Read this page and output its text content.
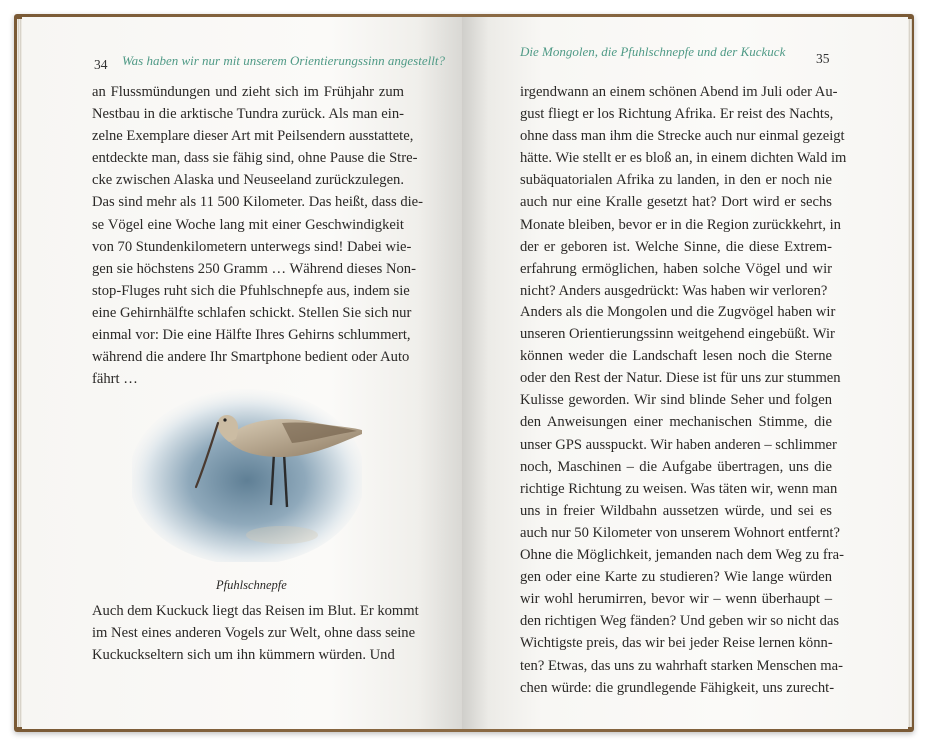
34 Was haben wir nur mit unserem Orientierungssinn angestellt?
an Flussmündungen und zieht sich im Frühjahr zum
Nestbau in die arktische Tundra zurück. Als man ein-
zelne Exemplare dieser Art mit Peilsendern ausstattete,
entdeckte man, dass sie fähig sind, ohne Pause die Stre-
cke zwischen Alaska und Neuseeland zurückzulegen.
Das sind mehr als 11 500 Kilometer. Das heißt, dass die-
se Vögel eine Woche lang mit einer Geschwindigkeit
von 70 Stundenkilometern unterwegs sind! Dabei wie-
gen sie höchstens 250 Gramm … Während dieses Non-
stop-Fluges ruht sich die Pfuhlschnepfe aus, indem sie
eine Gehirnhälfte schlafen schickt. Stellen Sie sich nur
einmal vor: Die eine Hälfte Ihres Gehirns schlummert,
während die andere Ihr Smartphone bedient oder Auto
fährt …
Pfuhlschnepfe
Auch dem Kuckuck liegt das Reisen im Blut. Er kommt
im Nest eines anderen Vogels zur Welt, ohne dass seine
Kuckuckseltern sich um ihn kümmern würden. Und
Die Mongolen, die Pfuhlschnepfe und der Kuckuck 35
irgendwann an einem schönen Abend im Juli oder Au-
gust fliegt er los Richtung Afrika. Er reist des Nachts,
ohne dass man ihm die Strecke auch nur einmal gezeigt
hätte. Wie stellt er es bloß an, in einem dichten Wald im
subäquatorialen Afrika zu landen, in den er noch nie
auch nur eine Kralle gesetzt hat? Dort wird er sechs
Monate bleiben, bevor er in die Region zurückkehrt, in
der er geboren ist. Welche Sinne, die diese Extrem-
erfahrung ermöglichen, haben solche Vögel und wir
nicht? Anders ausgedrückt: Was haben wir verloren?
Anders als die Mongolen und die Zugvögel haben wir
unseren Orientierungssinn weitgehend eingebüßt. Wir
können weder die Landschaft lesen noch die Sterne
oder den Rest der Natur. Diese ist für uns zur stummen
Kulisse geworden. Wir sind blinde Seher und folgen
den Anweisungen einer mechanischen Stimme, die
unser GPS ausspuckt. Wir haben anderen – schlimmer
noch, Maschinen – die Aufgabe übertragen, uns die
richtige Richtung zu weisen. Was täten wir, wenn man
uns in freier Wildbahn aussetzen würde, und sei es
auch nur 50 Kilometer von unserem Wohnort entfernt?
Ohne die Möglichkeit, jemanden nach dem Weg zu fra-
gen oder eine Karte zu studieren? Wie lange würden
wir wohl herumirren, bevor wir – wenn überhaupt –
den richtigen Weg fänden? Und geben wir so nicht das
Wichtigste preis, das wir bei jeder Reise lernen könn-
ten? Etwas, das uns zu wahrhaft starken Menschen ma-
chen würde: die grundlegende Fähigkeit, uns zurecht-
